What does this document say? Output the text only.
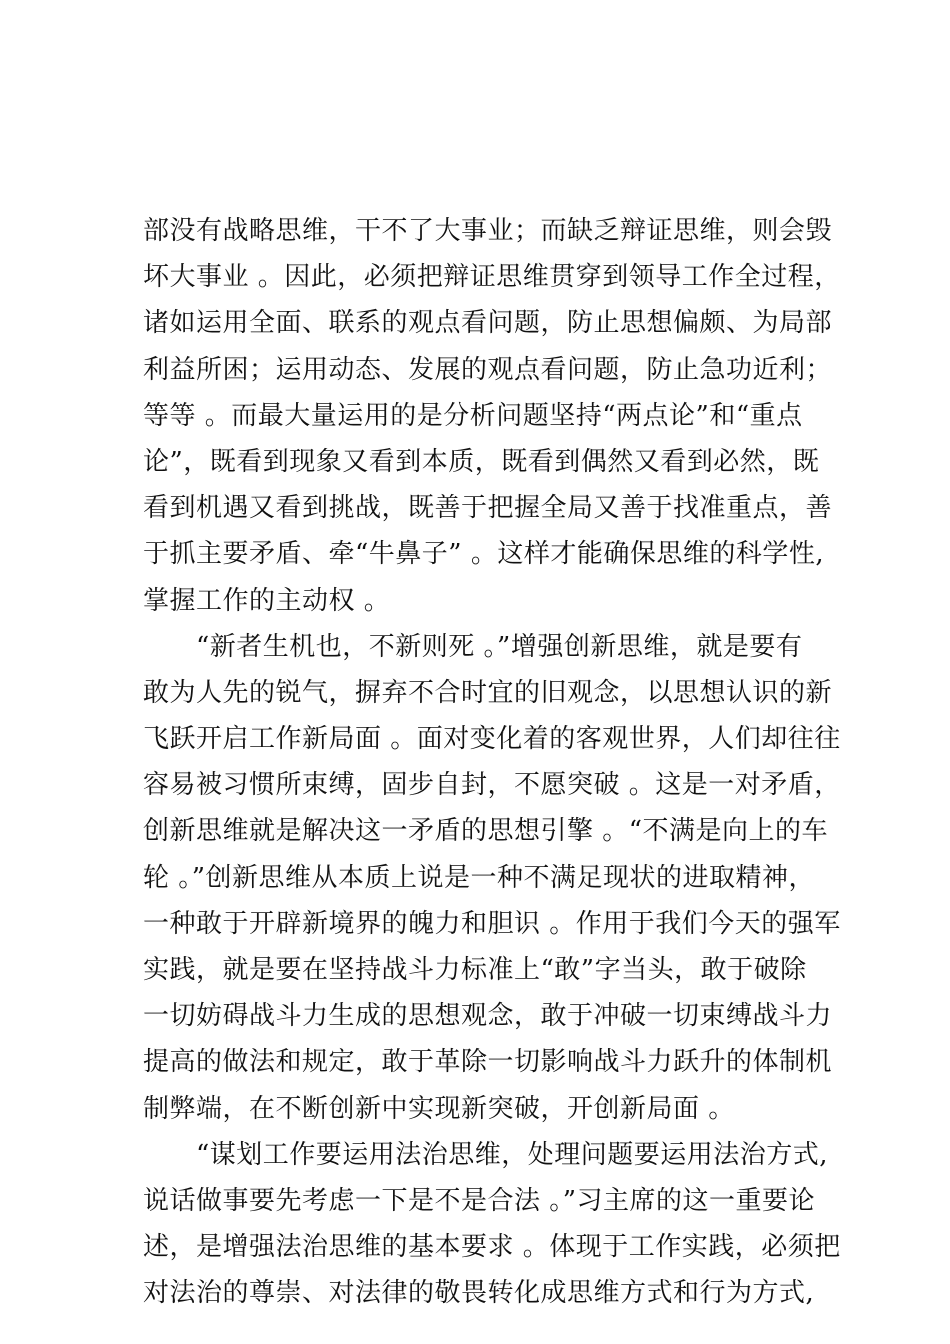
部没有战略思维，干不了大事业；而缺乏辩证思维，则会毁
坏大事业 。因此，必须把辩证思维贯穿到领导工作全过程，
诸如运用全面、联系的观点看问题，防止思想偏颇、为局部
利益所困；运用动态、发展的观点看问题，防止急功近利；
等等 。而最大量运用的是分析问题坚持“两点论”和“重点
论”，既看到现象又看到本质，既看到偶然又看到必然，既
看到机遇又看到挑战，既善于把握全局又善于找准重点，善
于抓主要矛盾、牵“牛鼻子” 。这样才能确保思维的科学性,
掌握工作的主动权 。
“新者生机也，不新则死 。”增强创新思维，就是要有
敢为人先的锐气，摒弃不合时宜的旧观念，以思想认识的新
飞跃开启工作新局面 。面对变化着的客观世界，人们却往往
容易被习惯所束缚，固步自封，不愿突破 。这是一对矛盾，
创新思维就是解决这一矛盾的思想引擎 。“不满是向上的车
轮 。”创新思维从本质上说是一种不满足现状的进取精神，
一种敢于开辟新境界的魄力和胆识 。作用于我们今天的强军
实践，就是要在坚持战斗力标准上“敢”字当头，敢于破除
一切妨碍战斗力生成的思想观念，敢于冲破一切束缚战斗力
提高的做法和规定，敢于革除一切影响战斗力跃升的体制机
制弊端，在不断创新中实现新突破，开创新局面 。
“谋划工作要运用法治思维，处理问题要运用法治方式,
说话做事要先考虑一下是不是合法 。”习主席的这一重要论
述，是增强法治思维的基本要求 。体现于工作实践，必须把
对法治的尊崇、对法律的敬畏转化成思维方式和行为方式,
